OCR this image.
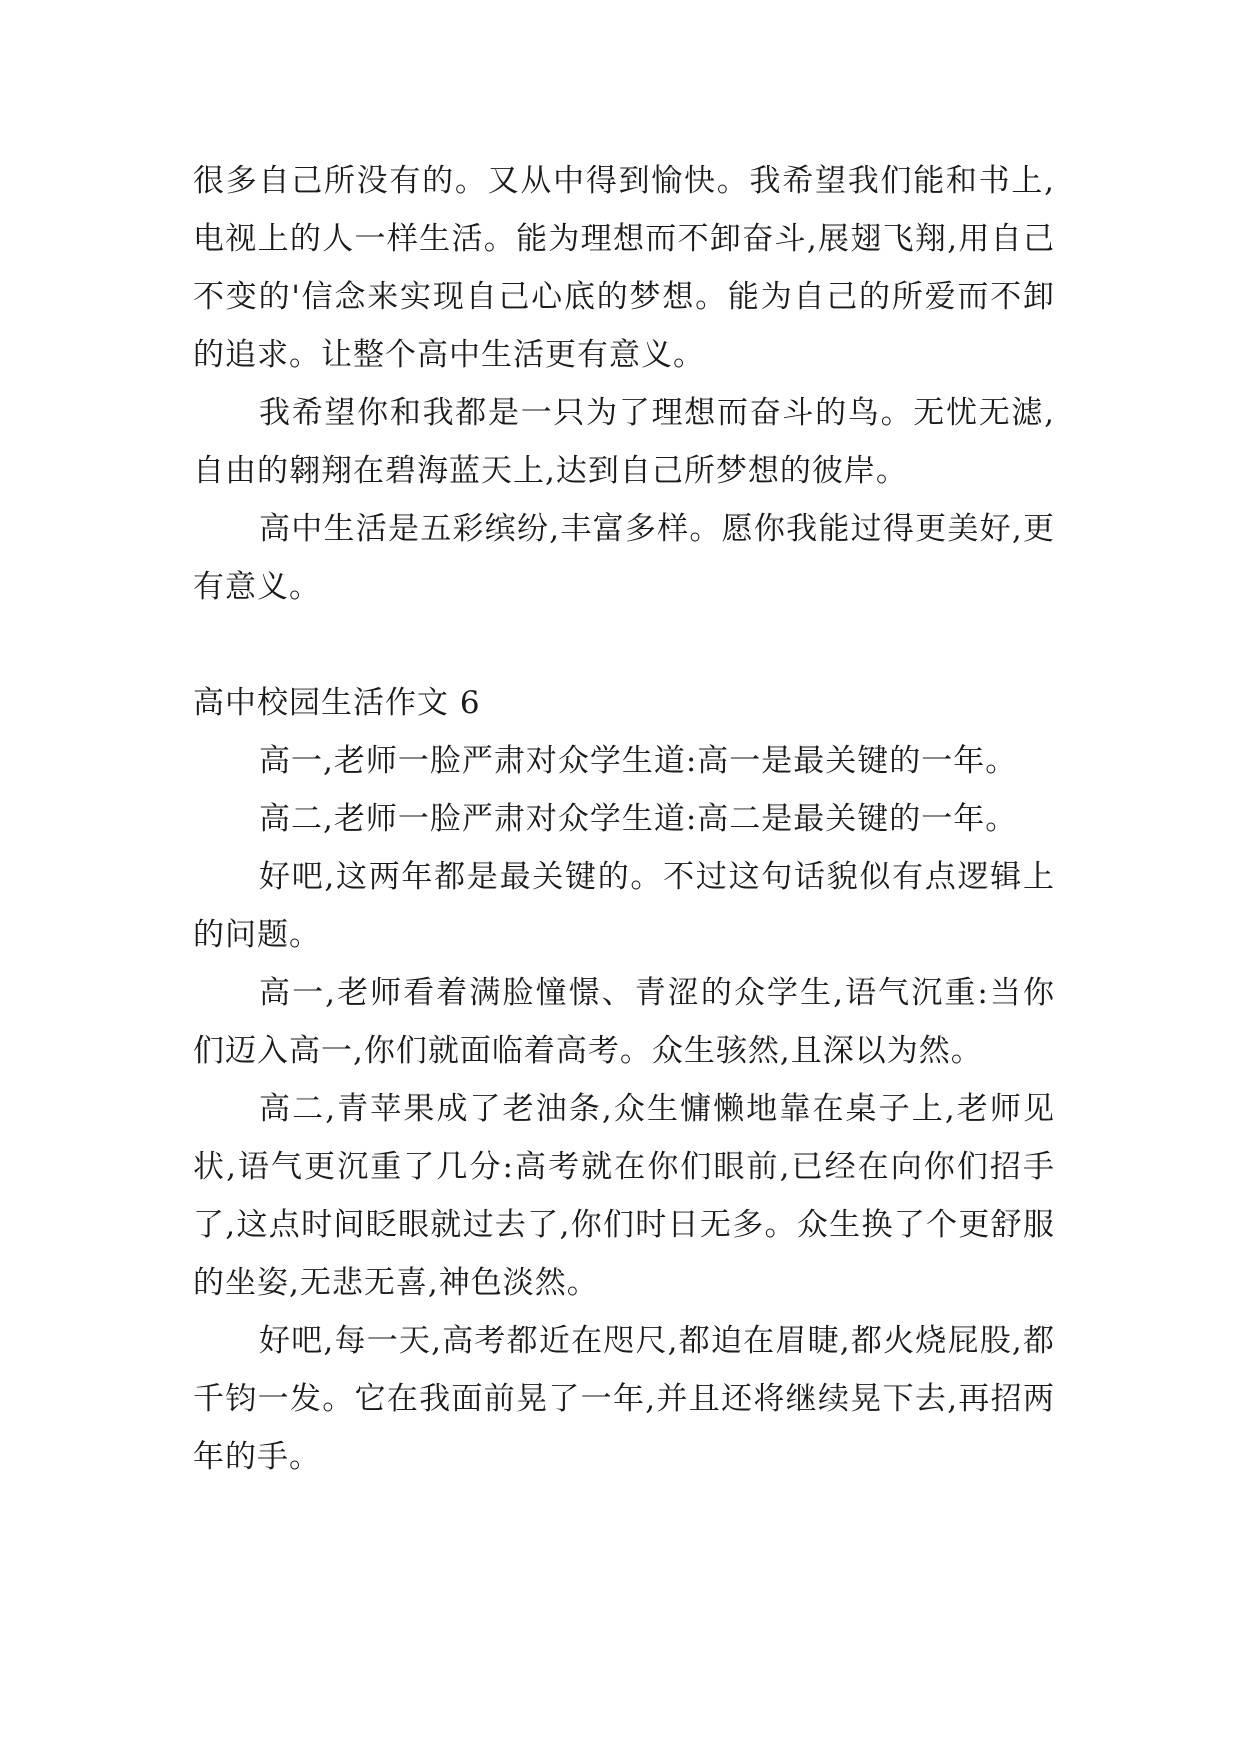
很多自己所没有的。又从中得到愉快。我希望我们能和书上,电视上的人一样生活。能为理想而不卸奋斗,展翅飞翔,用自己不变的'信念来实现自己心底的梦想。能为自己的所爱而不卸的追求。让整个高中生活更有意义。

我希望你和我都是一只为了理想而奋斗的鸟。无忧无滤,自由的翱翔在碧海蓝天上,达到自己所梦想的彼岸。

高中生活是五彩缤纷,丰富多样。愿你我能过得更美好,更有意义。

高中校园生活作文 6

高一,老师一脸严肃对众学生道:高一是最关键的一年。

高二,老师一脸严肃对众学生道:高二是最关键的一年。

好吧,这两年都是最关键的。不过这句话貌似有点逻辑上的问题。

高一,老师看着满脸憧憬、青涩的众学生,语气沉重:当你们迈入高一,你们就面临着高考。众生骇然,且深以为然。

高二,青苹果成了老油条,众生慵懒地靠在桌子上,老师见状,语气更沉重了几分:高考就在你们眼前,已经在向你们招手了,这点时间眨眼就过去了,你们时日无多。众生换了个更舒服的坐姿,无悲无喜,神色淡然。

好吧,每一天,高考都近在咫尺,都迫在眉睫,都火烧屁股,都千钧一发。它在我面前晃了一年,并且还将继续晃下去,再招两年的手。
